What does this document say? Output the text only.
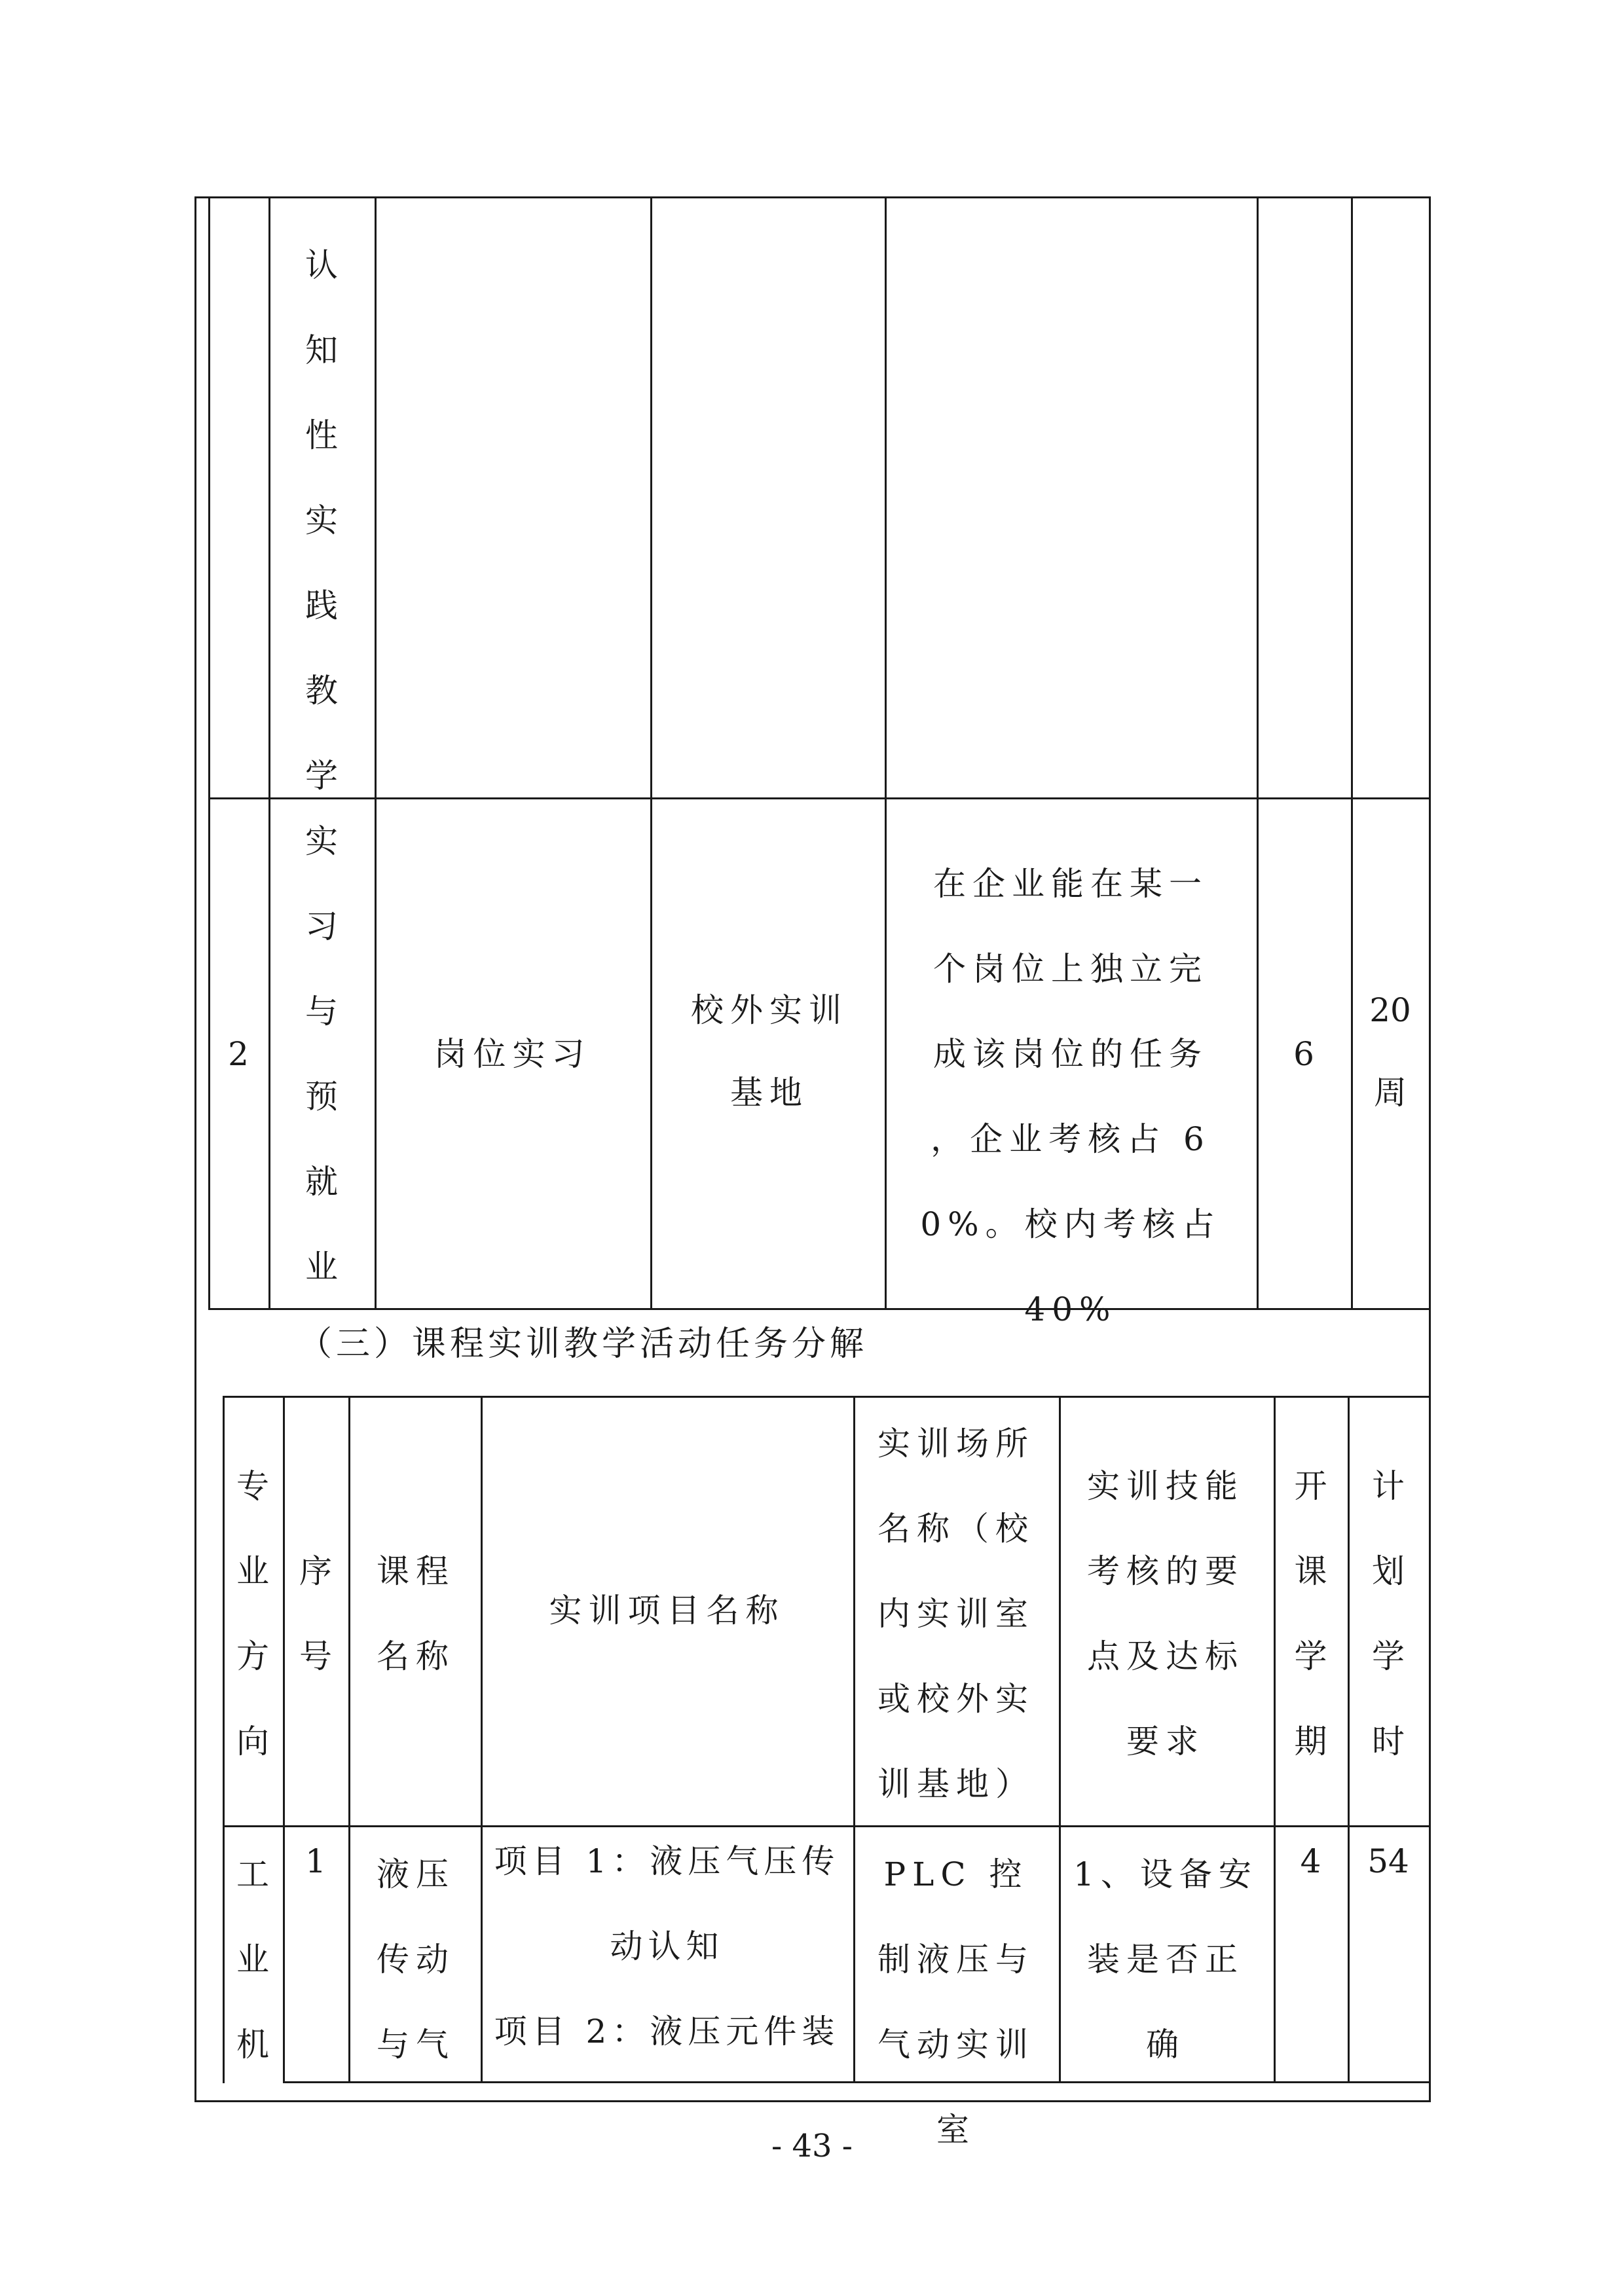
认
知
性
实
践
教
学
2
实
习
与
预
就
业
岗位实习
校外实训
基地
在企业能在某一
个岗位上独立完
成该岗位的任务
，企业考核占 6
0%。校内考核占
40%
6
20
周
（三）课程实训教学活动任务分解
专
业
方
向
序
号
课程
名称
实训项目名称
实训场所
名称（校
内实训室
或校外实
训基地）
实训技能
考核的要
点及达标
要求
开
课
学
期
计
划
学
时
工
业
机
1	液压
传动
与气
项目 1：液压气压传
动认知
项目 2：液压元件装
PLC 控
制液压与
气动实训
室
1、设备安
装是否正
确
4	54
- 43 -
